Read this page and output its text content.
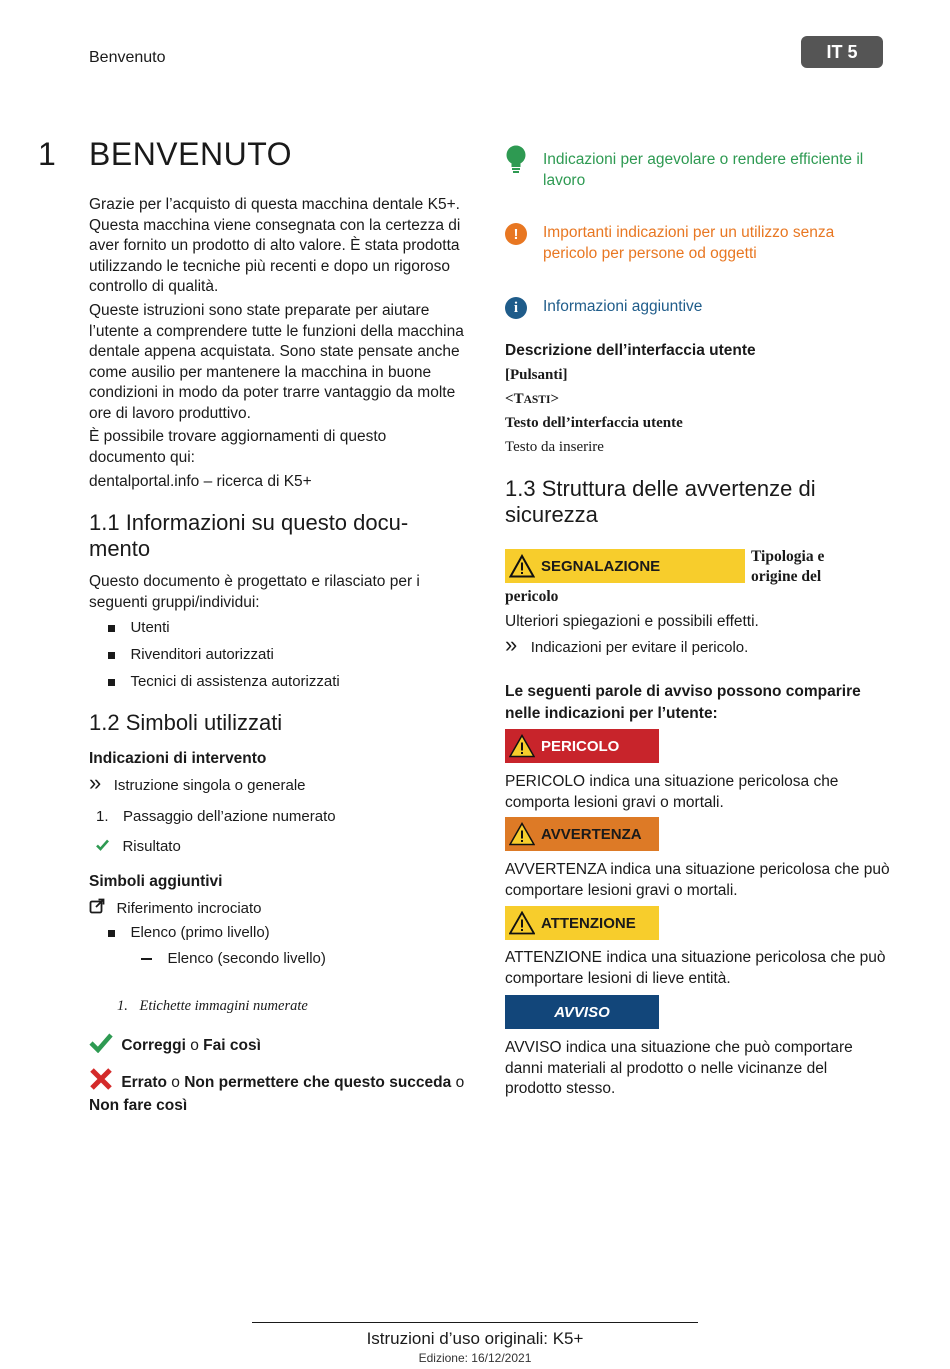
Benvenuto	IT 5
1 BENVENUTO

Grazie per l’acquisto di questa macchina dentale K5+. Questa macchina viene consegnata con la certezza di aver fornito un prodotto di alto valore. È stata prodotta utilizzando le tecniche più recenti e dopo un rigoroso controllo di qualità.

Queste istruzioni sono state preparate per aiutare l’utente a comprendere tutte le funzioni della macchina dentale appena acquistata. Sono state pensate anche come ausilio per mantenere la macchina in buone condizioni in modo da poter trarre vantaggio da molte ore di lavoro produttivo.

È possibile trovare aggiornamenti di questo documento qui:

dentalportal.info – ricerca di K5+

1.1 Informazioni su questo docu-
mento

Questo documento è progettato e rilasciato per i seguenti gruppi/individui:

Utenti
Rivenditori autorizzati
Tecnici di assistenza autorizzati
1.2 Simboli utilizzati
Indicazioni di intervento
» Istruzione singola o generale
1. Passaggio dell’azione numerato
Risultato
Simboli aggiuntivi
Riferimento incrociato
Elenco (primo livello)
Elenco (secondo livello)
1. Etichette immagini numerate
Correggi o Fai così
Errato o Non permettere che questo succeda o Non fare così
Indicazioni per agevolare o rendere efficiente il lavoro
!	Importanti indicazioni per un utilizzo senza pericolo per persone od oggetti
i	Informazioni aggiuntive
Descrizione dell’interfaccia utente
[Pulsanti]
<TASTI>
Testo dell’interfaccia utente
Testo da inserire
1.3 Struttura delle avvertenze di
sicurezza
SEGNALAZIONE
Tipologia e
origine del
pericolo

Ulteriori spiegazioni e possibili effetti.

» Indicazioni per evitare il pericolo.

Le seguenti parole di avviso possono comparire nelle indicazioni per l’utente:

PERICOLO

PERICOLO indica una situazione pericolosa che comporta lesioni gravi o mortali.

AVVERTENZA

AVVERTENZA indica una situazione pericolosa che può comportare lesioni gravi o mortali.

ATTENZIONE

ATTENZIONE indica una situazione pericolosa che può comportare lesioni di lieve entità.

AVVISO

AVVISO indica una situazione che può comportare danni materiali al prodotto o nelle vicinanze del prodotto stesso.

Istruzioni d’uso originali: K5+
Edizione: 16/12/2021
